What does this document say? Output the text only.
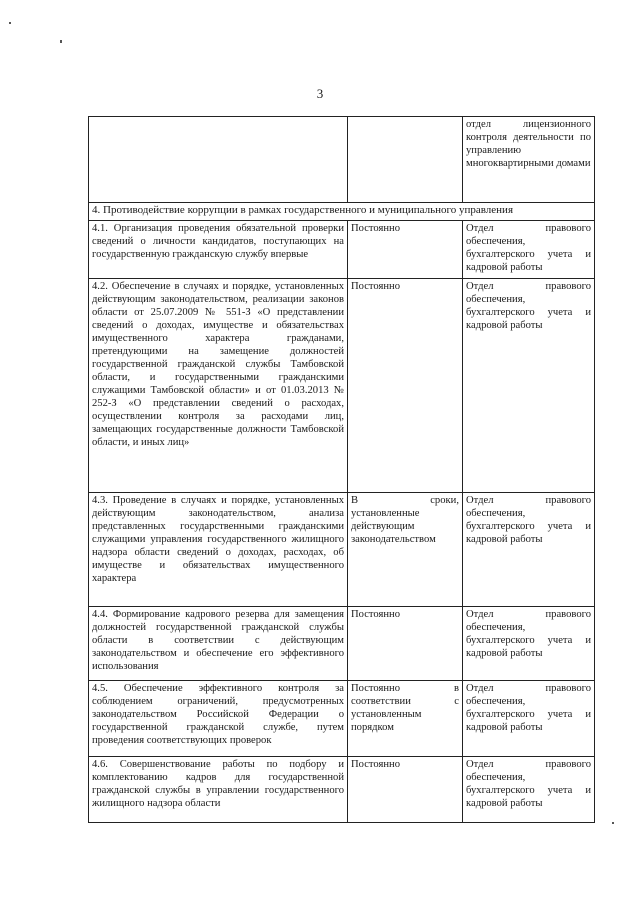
3
		отдел лицензионного контроля деятельности по управлению многоквартирными домами
4. Противодействие коррупции в рамках государственного и муниципального управления		
4.1. Организация проведения обязательной проверки сведений о личности кандидатов, поступающих на государственную гражданскую службу впервые	Постоянно	Отдел правового обеспечения, бухгалтерского учета и кадровой работы
4.2. Обеспечение в случаях и порядке, установленных действующим законодательством, реализации законов области от 25.07.2009 № 551-З «О представлении сведений о доходах, имуществе и обязательствах имущественного характера гражданами, претендующими на замещение должностей государственной гражданской службы Тамбовской области, и государственными гражданскими служащими Тамбовской области» и от 01.03.2013 № 252-З «О представлении сведений о расходах, осуществлении контроля за расходами лиц, замещающих государственные должности Тамбовской области, и иных лиц»	Постоянно	Отдел правового обеспечения, бухгалтерского учета и кадровой работы
4.3. Проведение в случаях и порядке, установленных действующим законодательством, анализа представленных государственными гражданскими служащими управления государственного жилищного надзора области сведений о доходах, расходах, об имуществе и обязательствах имущественного характера	В сроки, установленные действующим законодательством	Отдел правового обеспечения, бухгалтерского учета и кадровой работы
4.4. Формирование кадрового резерва для замещения должностей государственной гражданской службы области в соответствии с действующим законодательством и обеспечение его эффективного использования	Постоянно	Отдел правового обеспечения, бухгалтерского учета и кадровой работы
4.5. Обеспечение эффективного контроля за соблюдением ограничений, предусмотренных законодательством Российской Федерации о государственной гражданской службе, путем проведения соответствующих проверок	Постоянно в соответствии с установленным порядком	Отдел правового обеспечения, бухгалтерского учета и кадровой работы
4.6. Совершенствование работы по подбору и комплектованию кадров для государственной гражданской службы в управлении государственного жилищного надзора области	Постоянно	Отдел правового обеспечения, бухгалтерского учета и кадровой работы
